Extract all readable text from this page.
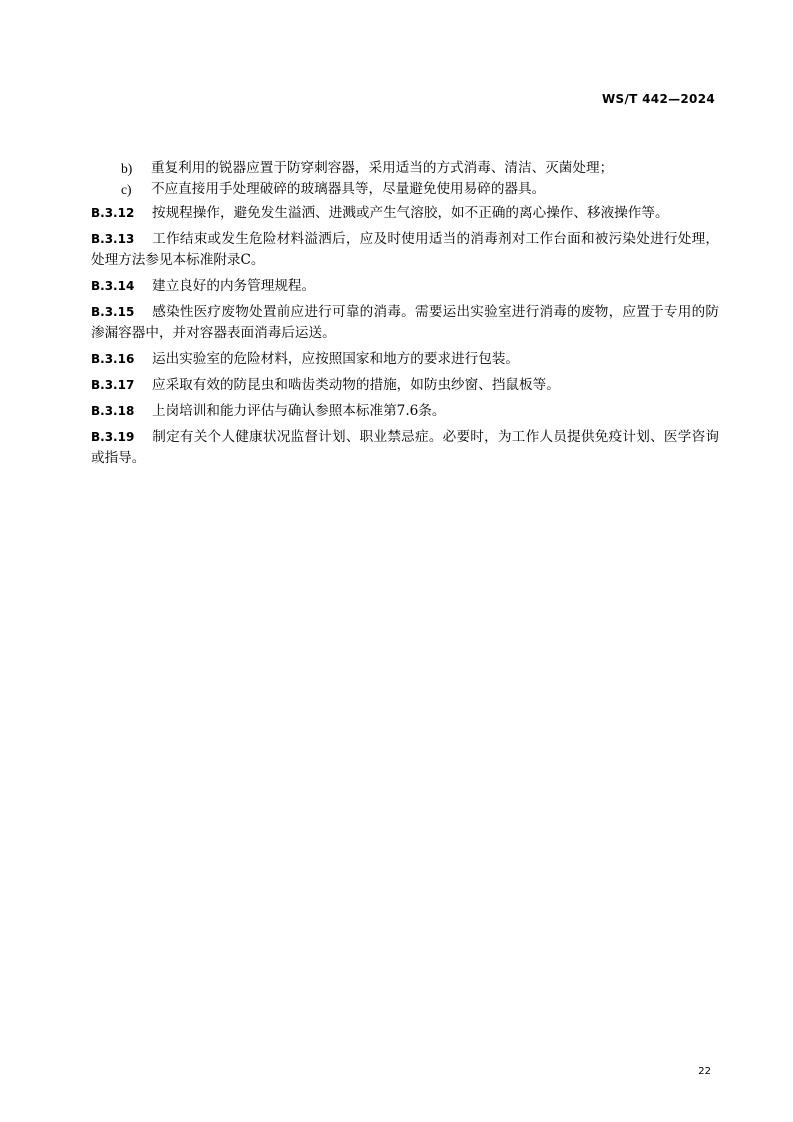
WS/T 442—2024
b) 重复利用的锐器应置于防穿刺容器，采用适当的方式消毒、清洁、灭菌处理；
c) 不应直接用手处理破碎的玻璃器具等，尽量避免使用易碎的器具。
B.3.12 按规程操作，避免发生溢洒、进溅或产生气溶胶，如不正确的离心操作、移液操作等。
B.3.13 工作结束或发生危险材料溢洒后，应及时使用适当的消毒剂对工作台面和被污染处进行处理，处理方法参见本标准附录C。
B.3.14 建立良好的内务管理规程。
B.3.15 感染性医疗废物处置前应进行可靠的消毒。需要运出实验室进行消毒的废物，应置于专用的防渗漏容器中，并对容器表面消毒后运送。
B.3.16 运出实验室的危险材料，应按照国家和地方的要求进行包装。
B.3.17 应采取有效的防昆虫和啮齿类动物的措施，如防虫纱窗、挡鼠板等。
B.3.18 上岗培训和能力评估与确认参照本标准第7.6条。
B.3.19 制定有关个人健康状况监督计划、职业禁忌症。必要时，为工作人员提供免疫计划、医学咨询或指导。
22
